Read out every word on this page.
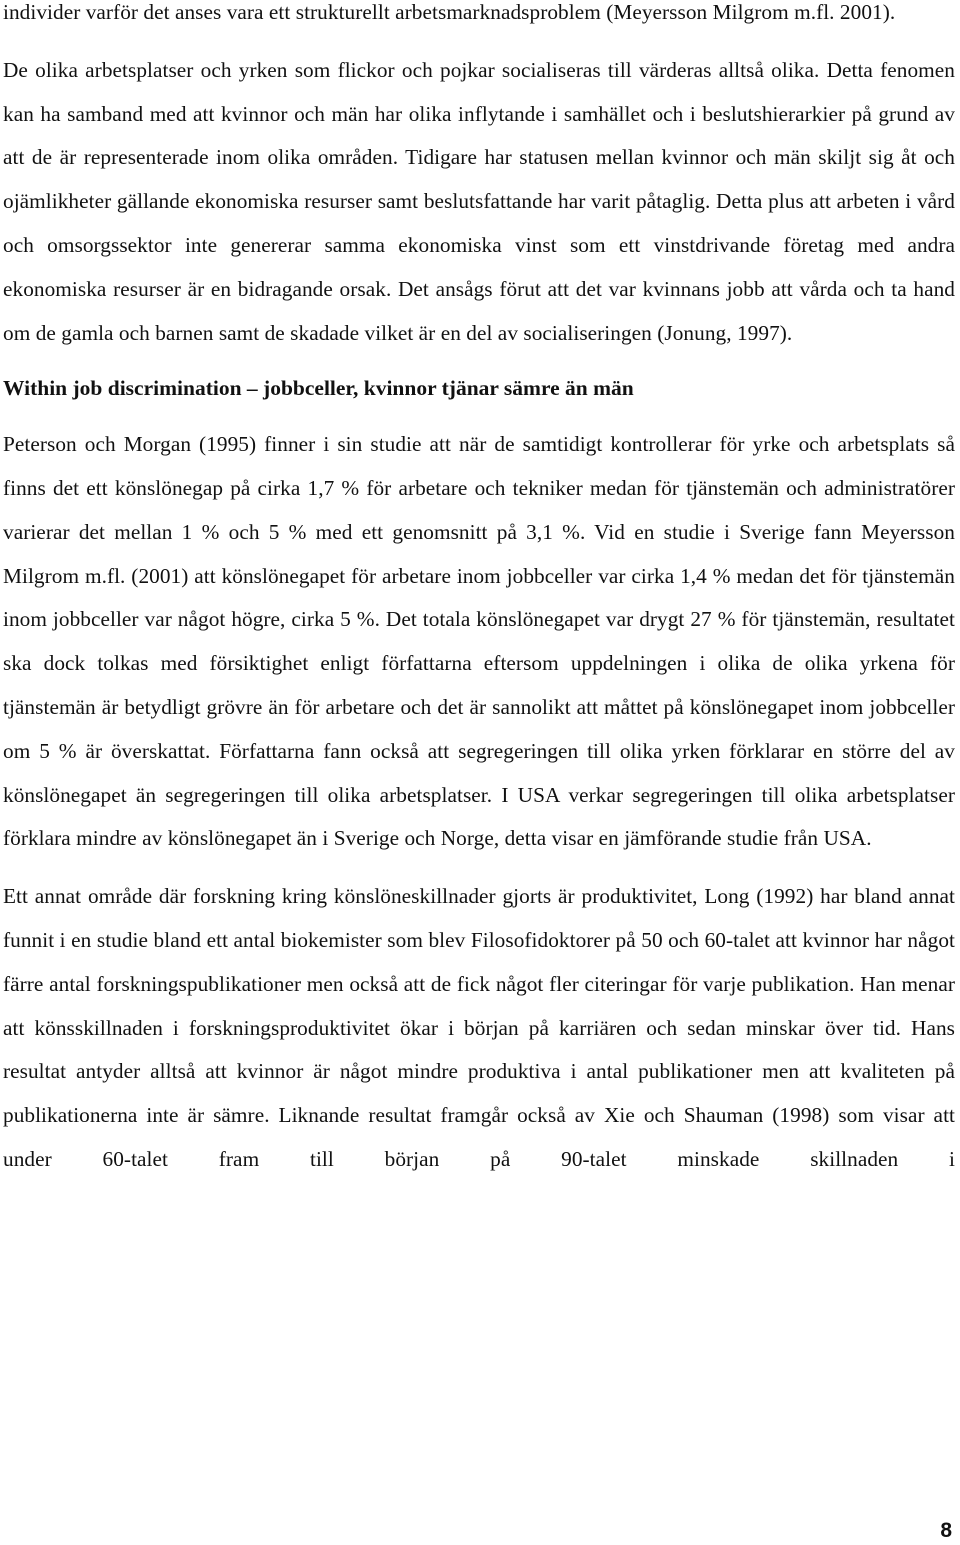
individer varför det anses vara ett strukturellt arbetsmarknadsproblem (Meyersson Milgrom m.fl. 2001).

De olika arbetsplatser och yrken som flickor och pojkar socialiseras till värderas alltså olika. Detta fenomen kan ha samband med att kvinnor och män har olika inflytande i samhället och i beslutshierarkier på grund av att de är representerade inom olika områden. Tidigare har statusen mellan kvinnor och män skiljt sig åt och ojämlikheter gällande ekonomiska resurser samt beslutsfattande har varit påtaglig. Detta plus att arbeten i vård och omsorgssektor inte genererar samma ekonomiska vinst som ett vinstdrivande företag med andra ekonomiska resurser är en bidragande orsak. Det ansågs förut att det var kvinnans jobb att vårda och ta hand om de gamla och barnen samt de skadade vilket är en del av socialiseringen (Jonung, 1997).

Within job discrimination – jobbceller, kvinnor tjänar sämre än män

Peterson och Morgan (1995) finner i sin studie att när de samtidigt kontrollerar för yrke och arbetsplats så finns det ett könslönegap på cirka 1,7 % för arbetare och tekniker medan för tjänstemän och administratörer varierar det mellan 1 % och 5 % med ett genomsnitt på 3,1 %. Vid en studie i Sverige fann Meyersson Milgrom m.fl. (2001) att könslönegapet för arbetare inom jobbceller var cirka 1,4 % medan det för tjänstemän inom jobbceller var något högre, cirka 5 %. Det totala könslönegapet var drygt 27 % för tjänstemän, resultatet ska dock tolkas med försiktighet enligt författarna eftersom uppdelningen i olika de olika yrkena för tjänstemän är betydligt grövre än för arbetare och det är sannolikt att måttet på könslönegapet inom jobbceller om 5 % är överskattat. Författarna fann också att segregeringen till olika yrken förklarar en större del av könslönegapet än segregeringen till olika arbetsplatser. I USA verkar segregeringen till olika arbetsplatser förklara mindre av könslönegapet än i Sverige och Norge, detta visar en jämförande studie från USA.

Ett annat område där forskning kring könslöneskillnader gjorts är produktivitet, Long (1992) har bland annat funnit i en studie bland ett antal biokemister som blev Filosofidoktorer på 50 och 60-talet att kvinnor har något färre antal forskningspublikationer men också att de fick något fler citeringar för varje publikation. Han menar att könsskillnaden i forskningsproduktivitet ökar i början på karriären och sedan minskar över tid. Hans resultat antyder alltså att kvinnor är något mindre produktiva i antal publikationer men att kvaliteten på publikationerna inte är sämre. Liknande resultat framgår också av Xie och Shauman (1998) som visar att under 60-talet fram till början på 90-talet minskade skillnaden i

8
